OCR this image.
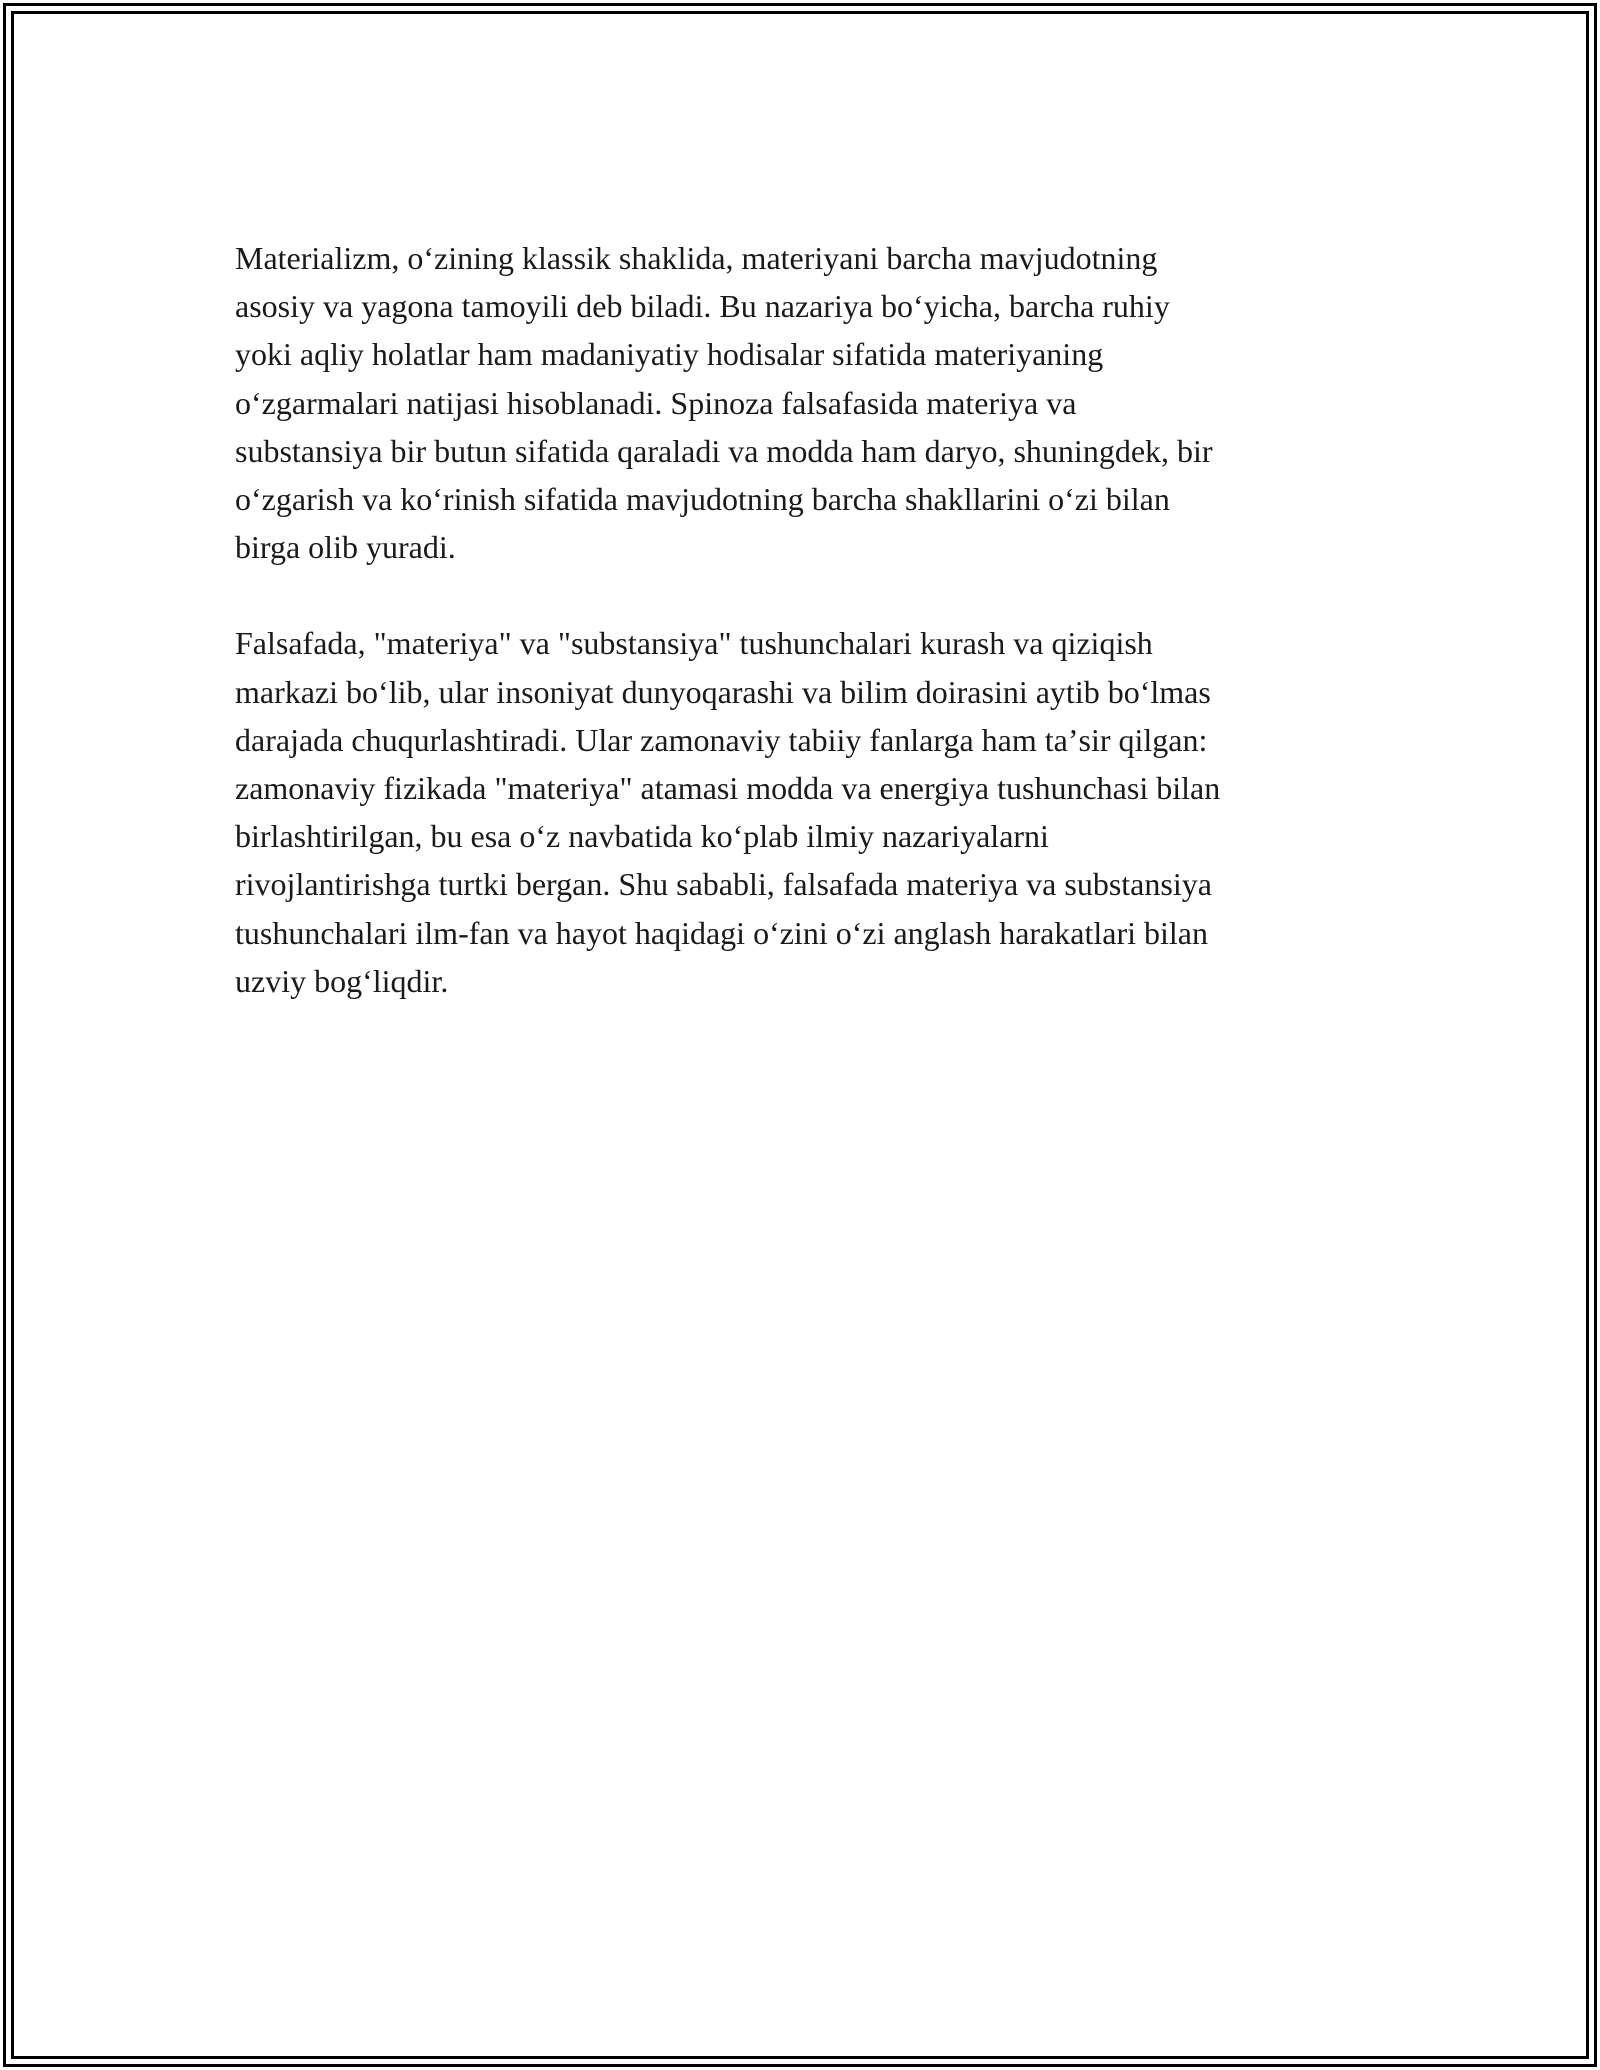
Materializm, oʻzining klassik shaklida, materiyani barcha mavjudotning
asosiy va yagona tamoyili deb biladi. Bu nazariya boʻyicha, barcha ruhiy
yoki aqliy holatlar ham madaniyatiy hodisalar sifatida materiyaning
oʻzgarmalari natijasi hisoblanadi. Spinoza falsafasida materiya va
substansiya bir butun sifatida qaraladi va modda ham daryo, shuningdek, bir
oʻzgarish va koʻrinish sifatida mavjudotning barcha shakllarini oʻzi bilan
birga olib yuradi.

Falsafada, "materiya" va "substansiya" tushunchalari kurash va qiziqish
markazi boʻlib, ular insoniyat dunyoqarashi va bilim doirasini aytib boʻlmas
darajada chuqurlashtiradi. Ular zamonaviy tabiiy fanlarga ham taʼsir qilgan:
zamonaviy fizikada "materiya" atamasi modda va energiya tushunchasi bilan
birlashtirilgan, bu esa oʻz navbatida koʻplab ilmiy nazariyalarni
rivojlantirishga turtki bergan. Shu sababli, falsafada materiya va substansiya
tushunchalari ilm-fan va hayot haqidagi oʻzini oʻzi anglash harakatlari bilan
uzviy bogʻliqdir.
